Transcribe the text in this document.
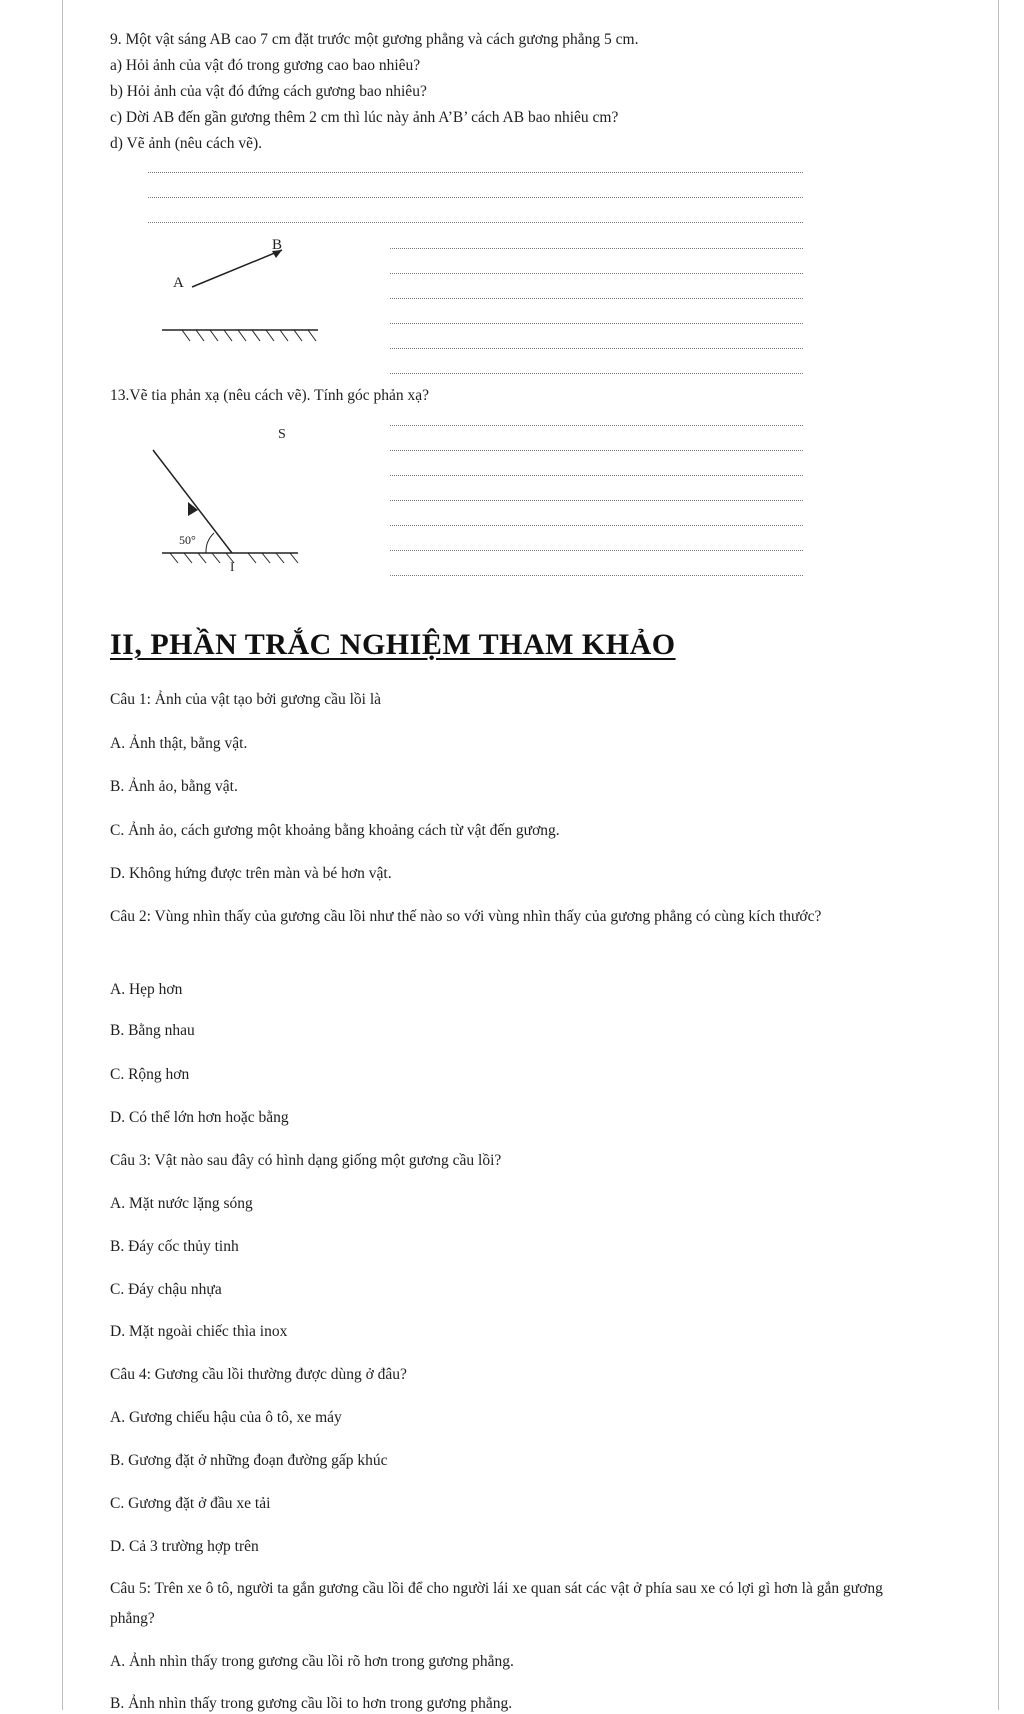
9. Một vật sáng AB cao 7 cm đặt trước một gương phẳng và cách gương phẳng 5 cm.
a) Hỏi ảnh của vật đó trong gương cao bao nhiêu?
b) Hỏi ảnh của vật đó đứng cách gương bao nhiêu?
c) Dời AB đến gần gương thêm 2 cm thì lúc này ảnh A’B’ cách AB bao nhiêu cm?
d) Vẽ ảnh (nêu cách vẽ).
A
B
13.Vẽ tia phản xạ (nêu cách vẽ). Tính góc phản xạ?
S
50°
I
II, PHẦN TRẮC NGHIỆM THAM KHẢO
Câu 1: Ảnh của vật tạo bởi gương cầu lồi là
A. Ảnh thật, bằng vật.
B. Ảnh ảo, bằng vật.
C. Ảnh ảo, cách gương một khoảng bằng khoảng cách từ vật đến gương.
D. Không hứng được trên màn và bé hơn vật.
Câu 2: Vùng nhìn thấy của gương cầu lồi như thế nào so với vùng nhìn thấy của gương phẳng có cùng kích thước?
A. Hẹp hơn
B. Bằng nhau
C. Rộng hơn
D. Có thể lớn hơn hoặc bằng
Câu 3: Vật nào sau đây có hình dạng giống một gương cầu lồi?
A. Mặt nước lặng sóng
B. Đáy cốc thủy tinh
C. Đáy chậu nhựa
D. Mặt ngoài chiếc thìa inox
Câu 4: Gương cầu lồi thường được dùng ở đâu?
A. Gương chiếu hậu của ô tô, xe máy
B. Gương đặt ở những đoạn đường gấp khúc
C. Gương đặt ở đầu xe tải
D. Cả 3 trường hợp trên
Câu 5: Trên xe ô tô, người ta gắn gương cầu lồi để cho người lái xe quan sát các vật ở phía sau xe có lợi gì hơn là gắn gương phẳng?
A. Ảnh nhìn thấy trong gương cầu lồi rõ hơn trong gương phẳng.
B. Ảnh nhìn thấy trong gương cầu lồi to hơn trong gương phẳng.
